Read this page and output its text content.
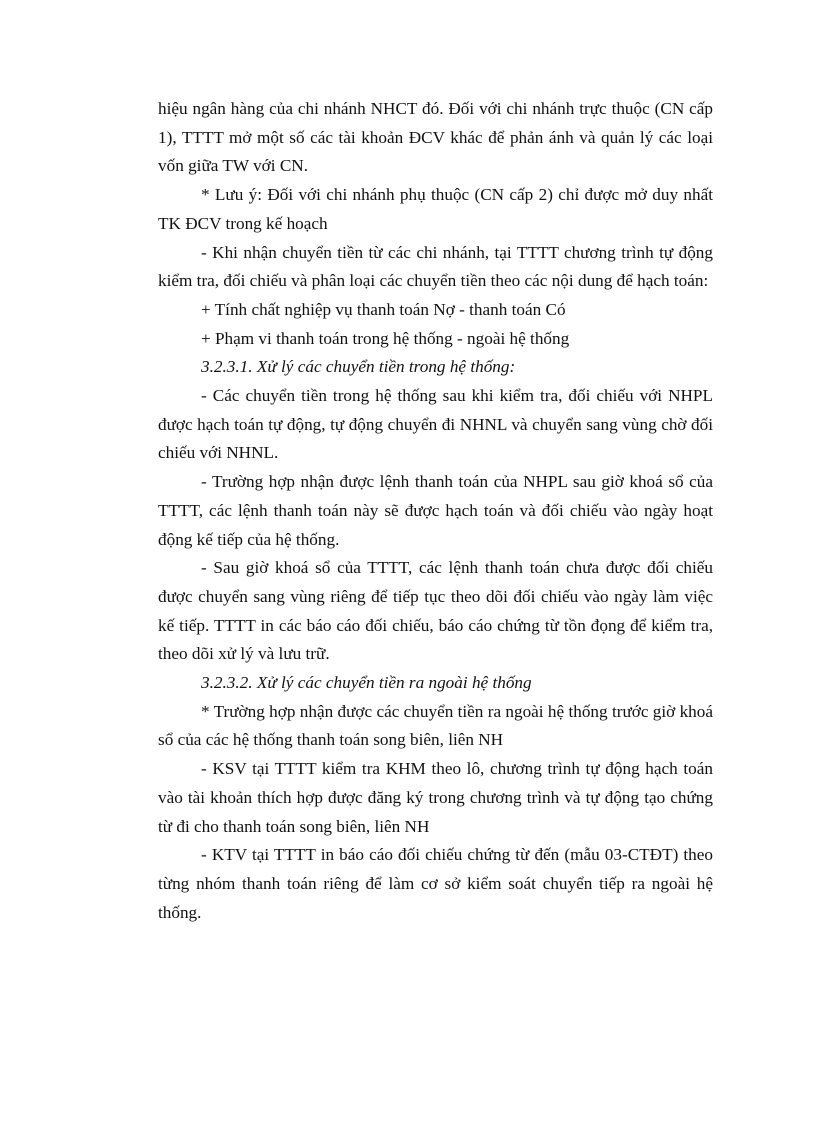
hiệu ngân hàng của chi nhánh NHCT đó. Đối với chi nhánh trực thuộc (CN cấp 1), TTTT mở một số các tài khoản ĐCV khác để phản ánh và quản lý các loại vốn giữa TW với CN.

* Lưu ý: Đối với chi nhánh phụ thuộc (CN cấp 2) chỉ được mở duy nhất TK ĐCV trong kế hoạch

- Khi nhận chuyển tiền từ các chi nhánh, tại TTTT chương trình tự động kiểm tra, đối chiếu và phân loại các chuyển tiền theo các nội dung để hạch toán:

+ Tính chất nghiệp vụ thanh toán Nợ - thanh toán Có

+ Phạm vi thanh toán trong hệ thống - ngoài hệ thống

3.2.3.1. Xử lý các chuyển tiền trong hệ thống:

- Các chuyển tiền trong hệ thống sau khi kiểm tra, đối chiếu với NHPL được hạch toán tự động, tự động chuyển đi NHNL và chuyển sang vùng chờ đối chiếu với NHNL.

- Trường hợp nhận được lệnh thanh toán của NHPL sau giờ khoá sổ của TTTT, các lệnh thanh toán này sẽ được hạch toán và đối chiếu vào ngày hoạt động kế tiếp của hệ thống.

- Sau giờ khoá sổ của TTTT, các lệnh thanh toán chưa được đối chiếu được chuyển sang vùng riêng để tiếp tục theo dõi đối chiếu vào ngày làm việc kế tiếp. TTTT in các báo cáo đối chiếu, báo cáo chứng từ tồn đọng để kiểm tra, theo dõi xử lý và lưu trữ.

3.2.3.2. Xử lý các chuyển tiền ra ngoài hệ thống

* Trường hợp nhận được các chuyển tiền ra ngoài hệ thống trước giờ khoá sổ của các hệ thống thanh toán song biên, liên NH

- KSV tại TTTT kiểm tra KHM theo lô, chương trình tự động hạch toán vào tài khoản thích hợp được đăng ký trong chương trình và tự động tạo chứng từ đi cho thanh toán song biên, liên NH

- KTV tại TTTT in báo cáo đối chiếu chứng từ đến (mẫu 03-CTĐT) theo từng nhóm thanh toán riêng để làm cơ sở kiểm soát chuyển tiếp ra ngoài hệ thống.
